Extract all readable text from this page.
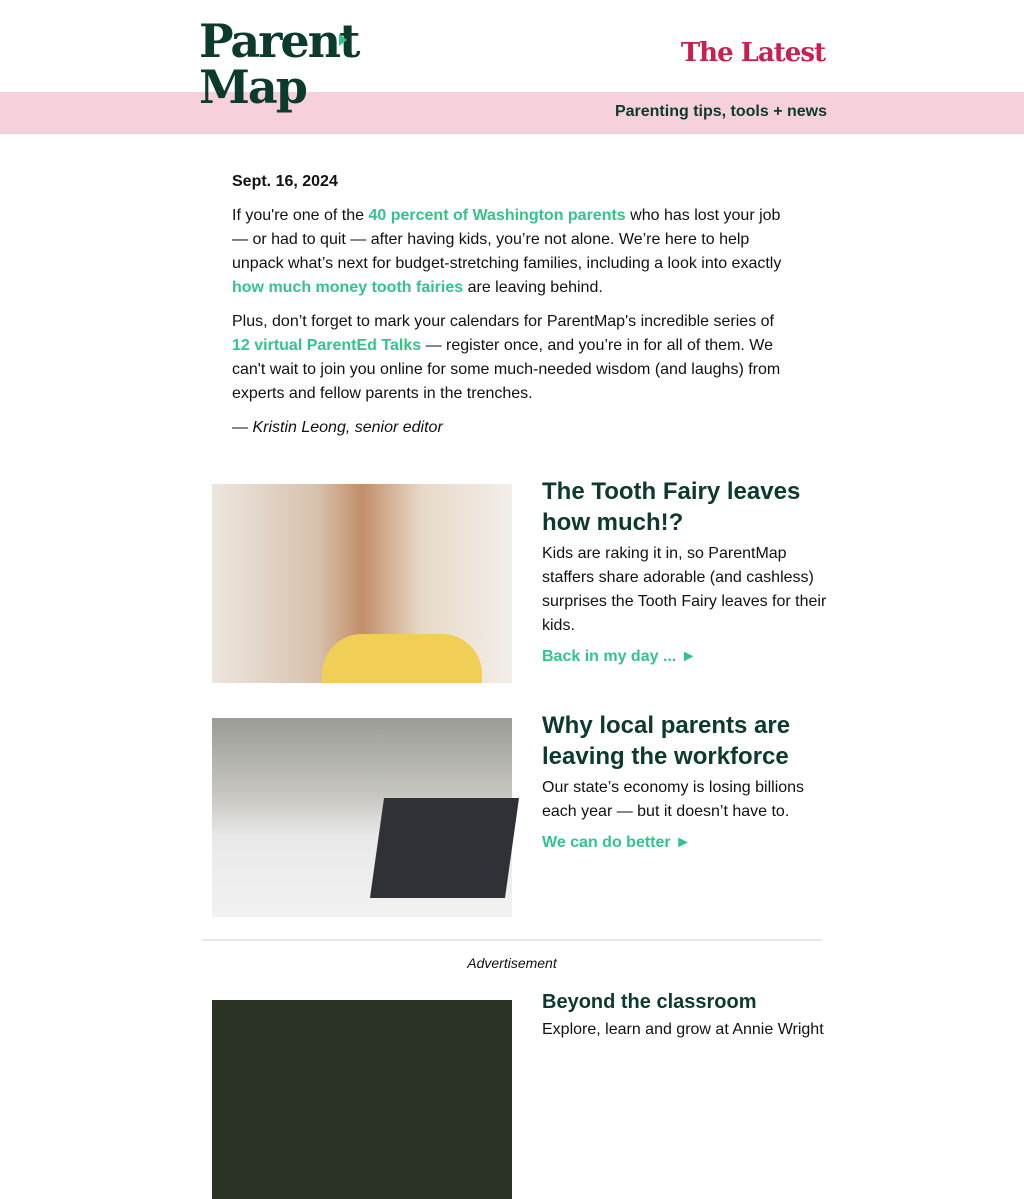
Parent
Map
The Latest
Parenting tips, tools + news

Sept. 16, 2024

If you're one of the 40 percent of Washington parents who has lost your job — or had to quit — after having kids, you’re not alone. We’re here to help unpack what’s next for budget-stretching families, including a look into exactly how much money tooth fairies are leaving behind.

Plus, don’t forget to mark your calendars for ParentMap's incredible series of 12 virtual ParentEd Talks — register once, and you’re in for all of them. We can't wait to join you online for some much-needed wisdom (and laughs) from experts and fellow parents in the trenches.

— Kristin Leong, senior editor

The Tooth Fairy leaves how much!?

Kids are raking it in, so ParentMap staffers share adorable (and cashless) surprises the Tooth Fairy leaves for their kids.

Back in my day ... ►
Why local parents are leaving the workforce

Our state’s economy is losing billions each year — but it doesn’t have to.

We can do better ►
Advertisement
Beyond the classroom

Explore, learn and grow at Annie Wright
